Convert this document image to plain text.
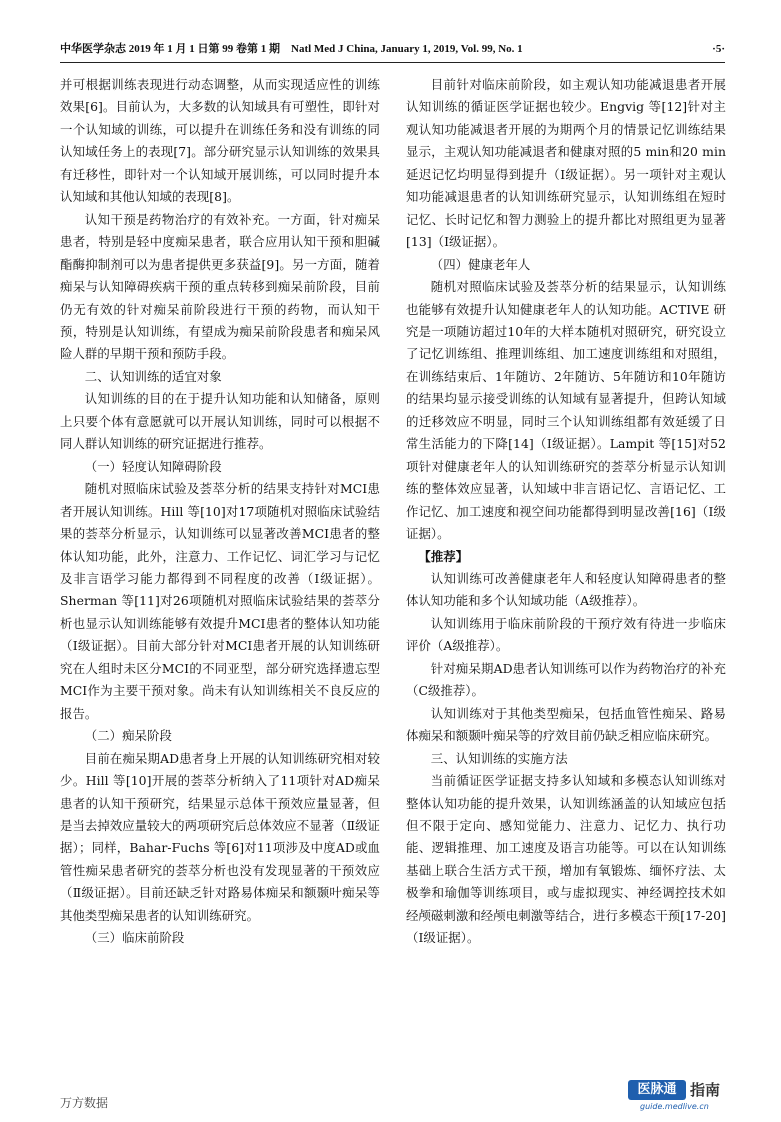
中华医学杂志 2019 年 1 月 1 日第 99 卷第 1 期　Natl Med J China, January 1, 2019, Vol. 99, No. 1	·5·

并可根据训练表现进行动态调整，从而实现适应性的训练效果[6]。目前认为，大多数的认知域具有可塑性，即针对一个认知域的训练，可以提升在训练任务和没有训练的同认知域任务上的表现[7]。部分研究显示认知训练的效果具有迁移性，即针对一个认知域开展训练，可以同时提升本认知域和其他认知域的表现[8]。

认知干预是药物治疗的有效补充。一方面，针对痴呆患者，特别是轻中度痴呆患者，联合应用认知干预和胆碱酯酶抑制剂可以为患者提供更多获益[9]。另一方面，随着痴呆与认知障碍疾病干预的重点转移到痴呆前阶段，目前仍无有效的针对痴呆前阶段进行干预的药物，而认知干预，特别是认知训练，有望成为痴呆前阶段患者和痴呆风险人群的早期干预和预防手段。

二、认知训练的适宜对象

认知训练的目的在于提升认知功能和认知储备，原则上只要个体有意愿就可以开展认知训练，同时可以根据不同人群认知训练的研究证据进行推荐。

（一）轻度认知障碍阶段

随机对照临床试验及荟萃分析的结果支持针对MCI患者开展认知训练。Hill 等[10]对17项随机对照临床试验结果的荟萃分析显示，认知训练可以显著改善MCI患者的整体认知功能，此外，注意力、工作记忆、词汇学习与记忆及非言语学习能力都得到不同程度的改善（Ⅰ级证据）。Sherman 等[11]对26项随机对照临床试验结果的荟萃分析也显示认知训练能够有效提升MCI患者的整体认知功能（Ⅰ级证据）。目前大部分针对MCI患者开展的认知训练研究在人组时未区分MCI的不同亚型，部分研究选择遗忘型MCI作为主要干预对象。尚未有认知训练相关不良反应的报告。

（二）痴呆阶段

目前在痴呆期AD患者身上开展的认知训练研究相对较少。Hill 等[10]开展的荟萃分析纳入了11项针对AD痴呆患者的认知干预研究，结果显示总体干预效应量显著，但是当去掉效应量较大的两项研究后总体效应不显著（Ⅱ级证据）；同样，Bahar-Fuchs 等[6]对11项涉及中度AD或血管性痴呆患者研究的荟萃分析也没有发现显著的干预效应（Ⅱ级证据）。目前还缺乏针对路易体痴呆和额颞叶痴呆等其他类型痴呆患者的认知训练研究。

（三）临床前阶段

目前针对临床前阶段，如主观认知功能减退患者开展认知训练的循证医学证据也较少。Engvig 等[12]针对主观认知功能减退者开展的为期两个月的情景记忆训练结果显示，主观认知功能减退者和健康对照的5 min和20 min延迟记忆均明显得到提升（Ⅰ级证据）。另一项针对主观认知功能减退患者的认知训练研究显示，认知训练组在短时记忆、长时记忆和智力测验上的提升都比对照组更为显著[13]（Ⅰ级证据）。

（四）健康老年人

随机对照临床试验及荟萃分析的结果显示，认知训练也能够有效提升认知健康老年人的认知功能。ACTIVE 研究是一项随访超过10年的大样本随机对照研究，研究设立了记忆训练组、推理训练组、加工速度训练组和对照组，在训练结束后、1年随访、2年随访、5年随访和10年随访的结果均显示接受训练的认知域有显著提升，但跨认知域的迁移效应不明显，同时三个认知训练组都有效延缓了日常生活能力的下降[14]（Ⅰ级证据）。Lampit 等[15]对52项针对健康老年人的认知训练研究的荟萃分析显示认知训练的整体效应显著，认知域中非言语记忆、言语记忆、工作记忆、加工速度和视空间功能都得到明显改善[16]（Ⅰ级证据）。

【推荐】

认知训练可改善健康老年人和轻度认知障碍患者的整体认知功能和多个认知域功能（A级推荐）。

认知训练用于临床前阶段的干预疗效有待进一步临床评价（A级推荐）。

针对痴呆期AD患者认知训练可以作为药物治疗的补充（C级推荐）。

认知训练对于其他类型痴呆，包括血管性痴呆、路易体痴呆和额颞叶痴呆等的疗效目前仍缺乏相应临床研究。

三、认知训练的实施方法

当前循证医学证据支持多认知域和多模态认知训练对整体认知功能的提升效果，认知训练涵盖的认知域应包括但不限于定向、感知觉能力、注意力、记忆力、执行功能、逻辑推理、加工速度及语言功能等。可以在认知训练基础上联合生活方式干预，增加有氧锻炼、缅怀疗法、太极拳和瑜伽等训练项目，或与虚拟现实、神经调控技术如经颅磁刺激和经颅电刺激等结合，进行多模态干预[17-20]（Ⅰ级证据）。

万方数据
医脉通 指南
guide.medlive.cn
